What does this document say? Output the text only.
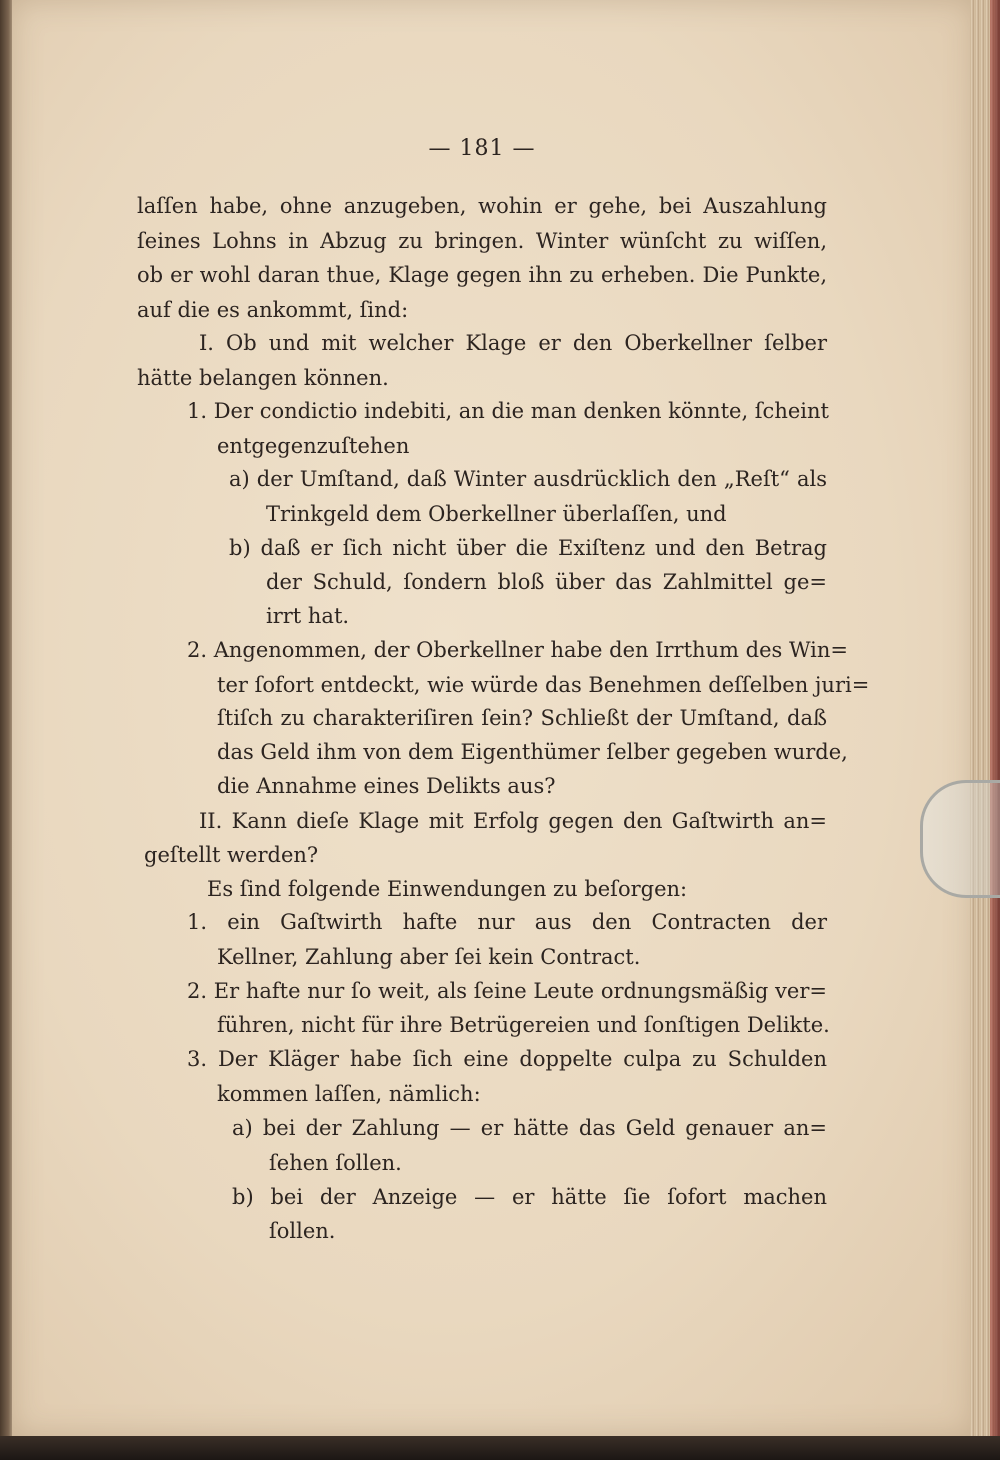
— 181 —
laſſen habe, ohne anzugeben, wohin er gehe, bei Auszahlung
ſeines Lohns in Abzug zu bringen. Winter wünſcht zu wiſſen,
ob er wohl daran thue, Klage gegen ihn zu erheben. Die Punkte,
auf die es ankommt, ſind:
I. Ob und mit welcher Klage er den Oberkellner ſelber
hätte belangen können.
1. Der condictio indebiti, an die man denken könnte, ſcheint
entgegenzuſtehen
a) der Umſtand, daß Winter ausdrücklich den „Reſt“ als
Trinkgeld dem Oberkellner überlaſſen, und
b) daß er ſich nicht über die Exiſtenz und den Betrag
der Schuld, ſondern bloß über das Zahlmittel ge=
irrt hat.
2. Angenommen, der Oberkellner habe den Irrthum des Win=
ter ſofort entdeckt, wie würde das Benehmen deſſelben juri=
ſtiſch zu charakteriſiren ſein? Schließt der Umſtand, daß
das Geld ihm von dem Eigenthümer ſelber gegeben wurde,
die Annahme eines Delikts aus?
II. Kann dieſe Klage mit Erfolg gegen den Gaſtwirth an=
geſtellt werden?
Es ſind folgende Einwendungen zu beſorgen:
1. ein Gaſtwirth hafte nur aus den Contracten der
Kellner, Zahlung aber ſei kein Contract.
2. Er hafte nur ſo weit, als ſeine Leute ordnungsmäßig ver=
führen, nicht für ihre Betrügereien und ſonſtigen Delikte.
3. Der Kläger habe ſich eine doppelte culpa zu Schulden
kommen laſſen, nämlich:
a) bei der Zahlung — er hätte das Geld genauer an=
ſehen ſollen.
b) bei der Anzeige — er hätte ſie ſofort machen
ſollen.
